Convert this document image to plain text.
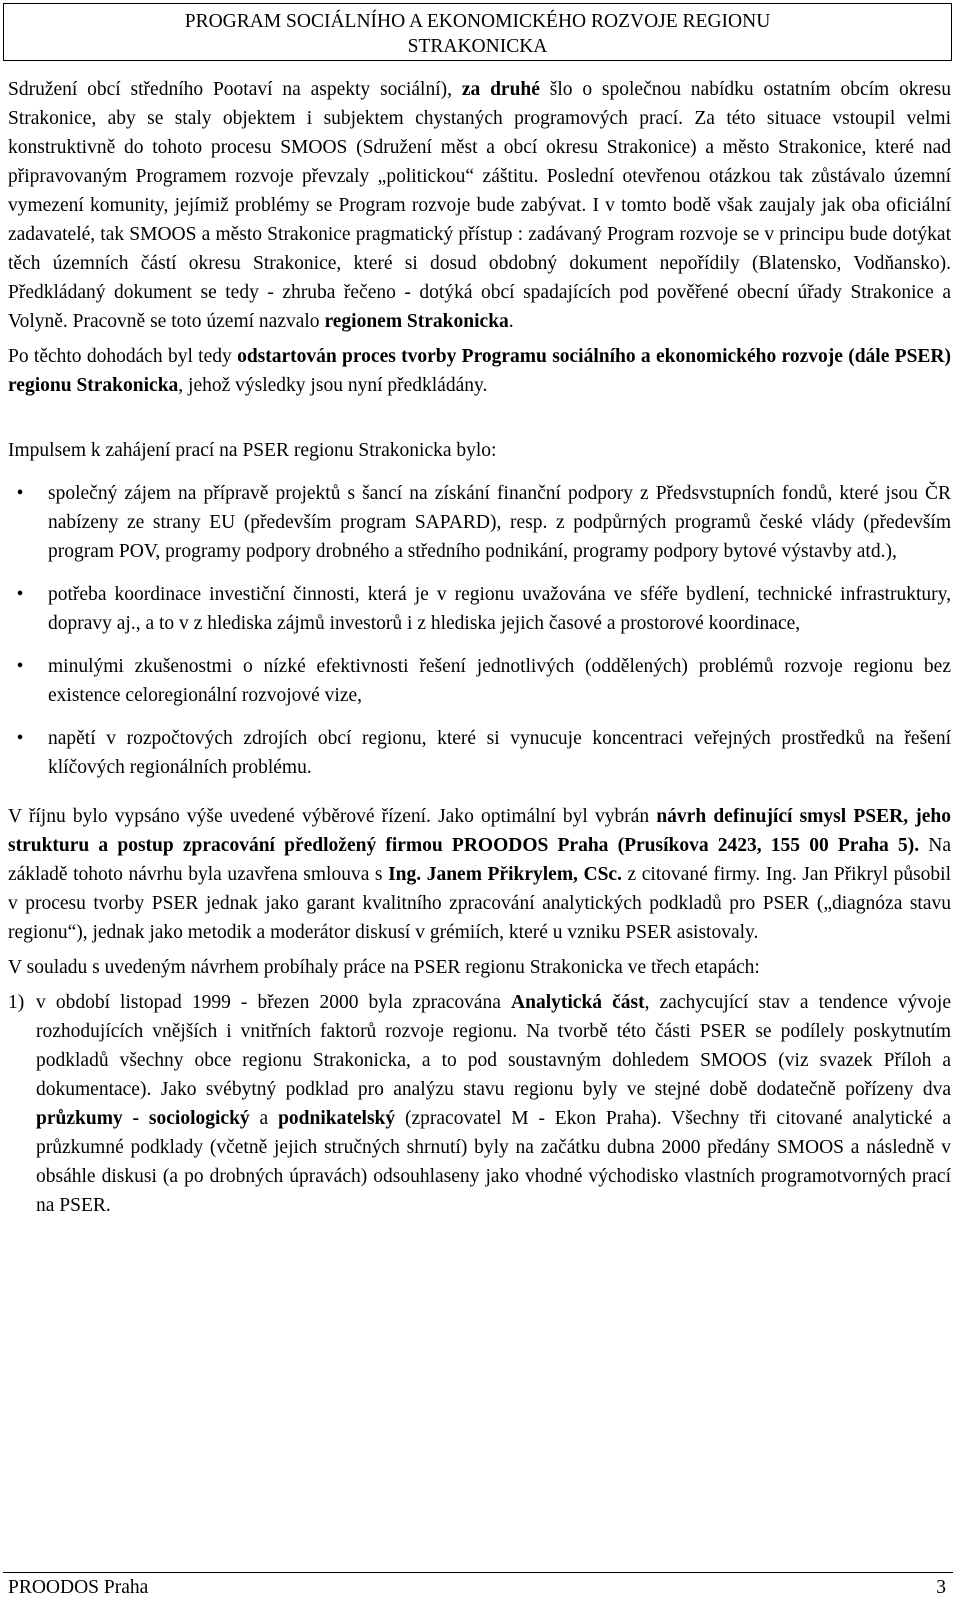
PROGRAM SOCIÁLNÍHO A EKONOMICKÉHO ROZVOJE REGIONU
STRAKONICKA

Sdružení obcí středního Pootaví na aspekty sociální), za druhé šlo o společnou nabídku ostatním obcím okresu Strakonice, aby se staly objektem i subjektem chystaných programových prací. Za této situace vstoupil velmi konstruktivně do tohoto procesu SMOOS (Sdružení měst a obcí okresu Strakonice) a město Strakonice, které nad připravovaným Programem rozvoje převzaly „politickou“ záštitu. Poslední otevřenou otázkou tak zůstávalo územní vymezení komunity, jejímiž problémy se Program rozvoje bude zabývat. I v tomto bodě však zaujaly jak oba oficiální zadavatelé, tak SMOOS a město Strakonice pragmatický přístup : zadávaný Program rozvoje se v principu bude dotýkat těch územních částí okresu Strakonice, které si dosud obdobný dokument nepořídily (Blatensko, Vodňansko). Předkládaný dokument se tedy - zhruba řečeno - dotýká obcí spadajících pod pověřené obecní úřady Strakonice a Volyně. Pracovně se toto území nazvalo regionem Strakonicka.

Po těchto dohodách byl tedy odstartován proces tvorby Programu sociálního a ekonomického rozvoje (dále PSER) regionu Strakonicka, jehož výsledky jsou nyní předkládány.

Impulsem k zahájení prací na PSER regionu Strakonicka bylo:

•	společný zájem na přípravě projektů s šancí na získání finanční podpory z Předsvstupních fondů, které jsou ČR nabízeny ze strany EU (především program SAPARD), resp. z podpůrných programů české vlády (především program POV, programy podpory drobného a středního podnikání, programy podpory bytové výstavby atd.),
•	potřeba koordinace investiční činnosti, která je v regionu uvažována ve sféře bydlení, technické infrastruktury, dopravy aj., a to v z hlediska zájmů investorů i z hlediska jejich časové a prostorové koordinace,
•	minulými zkušenostmi o nízké efektivnosti řešení jednotlivých (oddělených) problémů rozvoje regionu bez existence celoregionální rozvojové vize,
•	napětí v rozpočtových zdrojích obcí regionu, které si vynucuje koncentraci veřejných prostředků na řešení klíčových regionálních problému.

V říjnu bylo vypsáno výše uvedené výběrové řízení. Jako optimální byl vybrán návrh definující smysl PSER, jeho strukturu a postup zpracování předložený firmou PROODOS Praha (Prusíkova 2423, 155 00 Praha 5). Na základě tohoto návrhu byla uzavřena smlouva s Ing. Janem Přikrylem, CSc. z citované firmy. Ing. Jan Přikryl působil v procesu tvorby PSER jednak jako garant kvalitního zpracování analytických podkladů pro PSER („diagnóza stavu regionu“), jednak jako metodik a moderátor diskusí v grémiích, které u vzniku PSER asistovaly.

V souladu s uvedeným návrhem probíhaly práce na PSER regionu Strakonicka ve třech etapách:

1) v období listopad 1999 - březen 2000 byla zpracována Analytická část, zachycující stav a tendence vývoje rozhodujících vnějších i vnitřních faktorů rozvoje regionu. Na tvorbě této části PSER se podílely poskytnutím podkladů všechny obce regionu Strakonicka, a to pod soustavným dohledem SMOOS (viz svazek Příloh a dokumentace). Jako svébytný podklad pro analýzu stavu regionu byly ve stejné době dodatečně pořízeny dva průzkumy - sociologický a podnikatelský (zpracovatel M - Ekon Praha). Všechny tři citované analytické a průzkumné podklady (včetně jejich stručných shrnutí) byly na začátku dubna 2000 předány SMOOS a následně v obsáhle diskusi (a po drobných úpravách) odsouhlaseny jako vhodné východisko vlastních programotvorných prací na PSER.
PROODOS Praha	3
